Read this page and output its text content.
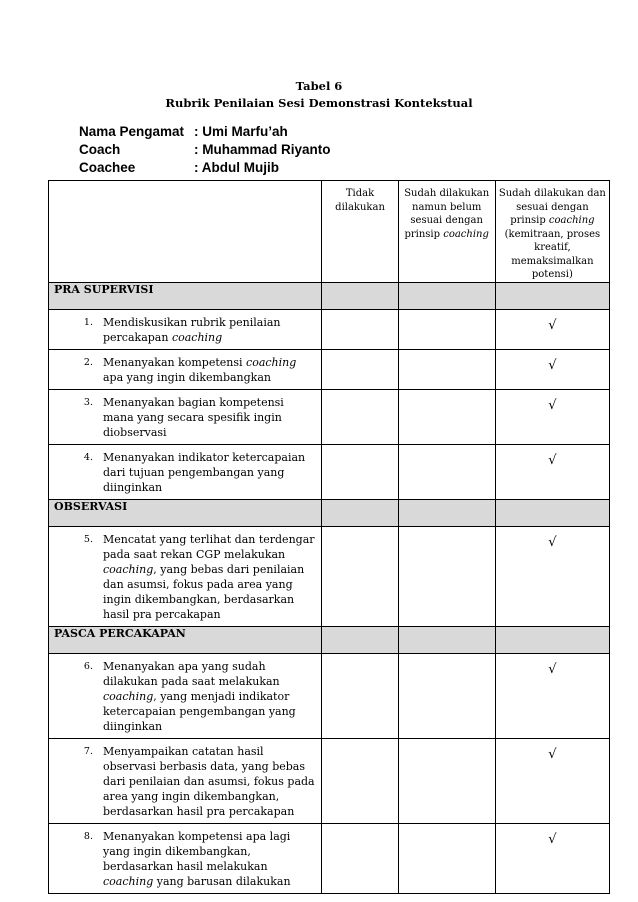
Tabel 6
Rubrik Penilaian Sesi Demonstrasi Kontekstual
Nama Pengamat : Umi Marfu’ah
Coach	: Muhammad Riyanto
Coachee	: Abdul Mujib
	Tidak dilakukan	Sudah dilakukan namun belum sesuai dengan prinsip coaching	Sudah dilakukan dan sesuai dengan prinsip coaching (kemitraan, proses kreatif, memaksimalkan potensi)
PRA SUPERVISI			

1. Mendiskusikan rubrik penilaian percakapan coaching			√

2. Menanyakan kompetensi coaching apa yang ingin dikembangkan			√

3. Menanyakan bagian kompetensi mana yang secara spesifik ingin diobservasi			√

4. Menanyakan indikator ketercapaian dari tujuan pengembangan yang diinginkan			√
OBSERVASI			

5. Mencatat yang terlihat dan terdengar pada saat rekan CGP melakukan coaching, yang bebas dari penilaian dan asumsi, fokus pada area yang ingin dikembangkan, berdasarkan hasil pra percakapan			√
PASCA PERCAKAPAN			

6. Menanyakan apa yang sudah dilakukan pada saat melakukan coaching, yang menjadi indikator ketercapaian pengembangan yang diinginkan			√

7. Menyampaikan catatan hasil observasi berbasis data, yang bebas dari penilaian dan asumsi, fokus pada area yang ingin dikembangkan, berdasarkan hasil pra percakapan			√

8. Menanyakan kompetensi apa lagi yang ingin dikembangkan, berdasarkan hasil melakukan coaching yang barusan dilakukan			√
